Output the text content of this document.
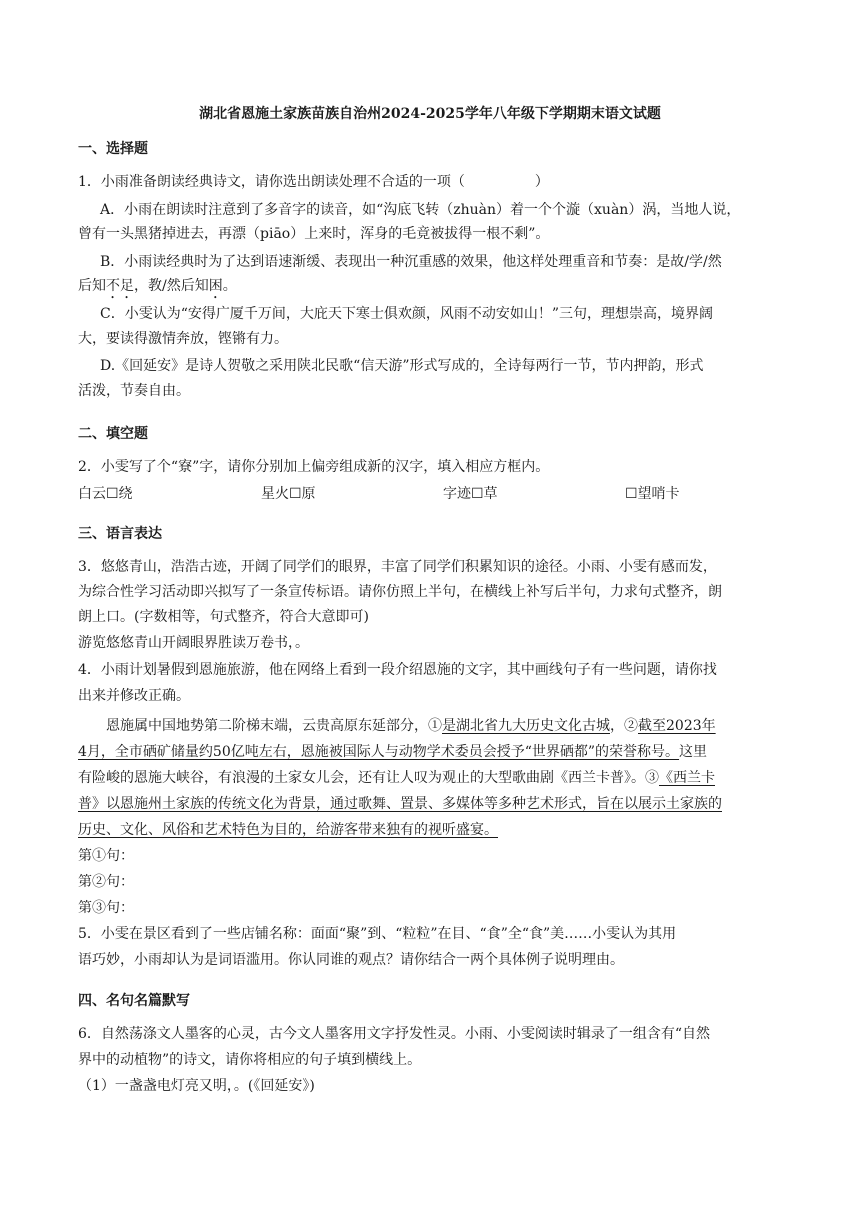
湖北省恩施土家族苗族自治州2024-2025学年八年级下学期期末语文试题
一、选择题
1．小雨准备朗读经典诗文，请你选出朗读处理不合适的一项（	）
A．小雨在朗读时注意到了多音字的读音，如“沟底飞转（zhuàn）着一个个漩（xuàn）涡，当地人说，
曾有一头黑猪掉进去，再漂（piāo）上来时，浑身的毛竟被拔得一根不剩”。
B．小雨读经典时为了达到语速渐缓、表现出一种沉重感的效果，他这样处理重音和节奏：是故/学/然
后知不足，教/然后知困。
C．小雯认为“安得广厦千万间，大庇天下寒士俱欢颜，风雨不动安如山！”三句，理想崇高，境界阔
大，要读得激情奔放，铿锵有力。
D.《回延安》是诗人贺敬之采用陕北民歌“信天游”形式写成的，全诗每两行一节，节内押韵，形式
活泼，节奏自由。
二、填空题
2．小雯写了个“寮”字，请你分别加上偏旁组成新的汉字，填入相应方框内。
白云☐绕	星火☐原	字迹☐草	☐望哨卡
三、语言表达
3．悠悠青山，浩浩古迹，开阔了同学们的眼界，丰富了同学们积累知识的途径。小雨、小雯有感而发，
为综合性学习活动即兴拟写了一条宣传标语。请你仿照上半句，在横线上补写后半句，力求句式整齐，朗
朗上口。(字数相等，句式整齐，符合大意即可)
游览悠悠青山开阔眼界胜读万卷书，。
4．小雨计划暑假到恩施旅游，他在网络上看到一段介绍恩施的文字，其中画线句子有一些问题，请你找
出来并修改正确。
恩施属中国地势第二阶梯末端，云贵高原东延部分，①是湖北省九大历史文化古城，②截至2023年
4月，全市硒矿储量约50亿吨左右，恩施被国际人与动物学术委员会授予“世界硒都”的荣誉称号。这里
有险峻的恩施大峡谷，有浪漫的土家女儿会，还有让人叹为观止的大型歌曲剧《西兰卡普》。③《西兰卡
普》以恩施州土家族的传统文化为背景，通过歌舞、置景、多媒体等多种艺术形式，旨在以展示土家族的
历史、文化、风俗和艺术特色为目的，给游客带来独有的视听盛宴。
第①句：
第②句：
第③句：
5．小雯在景区看到了一些店铺名称：面面“聚”到、“粒粒”在目、“食”全“食”美……小雯认为其用
语巧妙，小雨却认为是词语滥用。你认同谁的观点？请你结合一两个具体例子说明理由。
四、名句名篇默写
6．自然荡涤文人墨客的心灵，古今文人墨客用文字抒发性灵。小雨、小雯阅读时辑录了一组含有“自然
界中的动植物”的诗文，请你将相应的句子填到横线上。
（1）一盏盏电灯亮又明，。(《回延安》)
